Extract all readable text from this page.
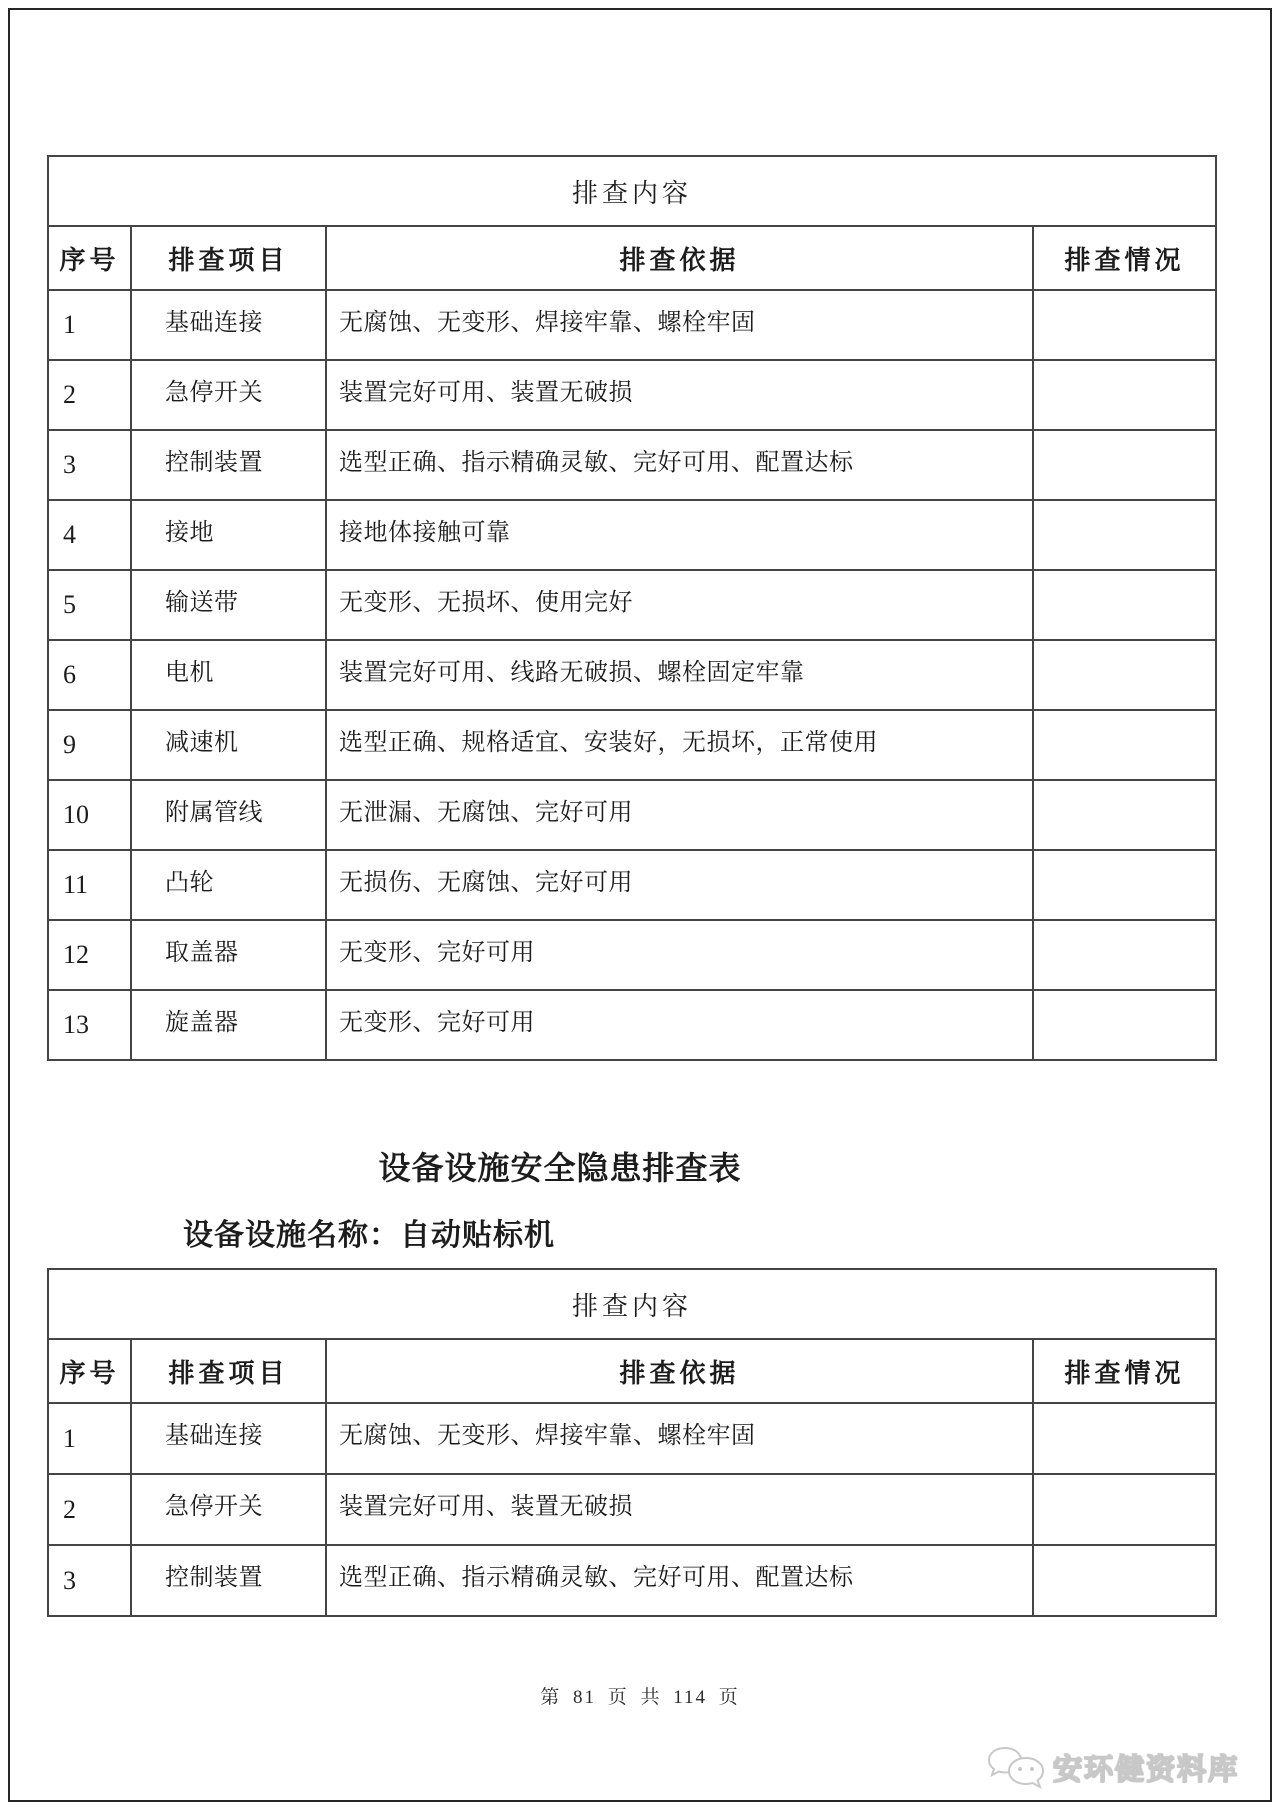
排查内容			
序号	排查项目	排查依据	排查情况
1	基础连接	无腐蚀、无变形、焊接牢靠、螺栓牢固	
2	急停开关	装置完好可用、装置无破损	
3	控制装置	选型正确、指示精确灵敏、完好可用、配置达标	
4	接地	接地体接触可靠	
5	输送带	无变形、无损坏、使用完好	
6	电机	装置完好可用、线路无破损、螺栓固定牢靠	
9	减速机	选型正确、规格适宜、安装好，无损坏，正常使用	
10	附属管线	无泄漏、无腐蚀、完好可用	
11	凸轮	无损伤、无腐蚀、完好可用	
12	取盖器	无变形、完好可用	
13	旋盖器	无变形、完好可用	
设备设施安全隐患排查表
设备设施名称：自动贴标机
排查内容			
序号	排查项目	排查依据	排查情况
1	基础连接	无腐蚀、无变形、焊接牢靠、螺栓牢固	
2	急停开关	装置完好可用、装置无破损	
3	控制装置	选型正确、指示精确灵敏、完好可用、配置达标	
第 81 页 共 114 页
安环健资料库
